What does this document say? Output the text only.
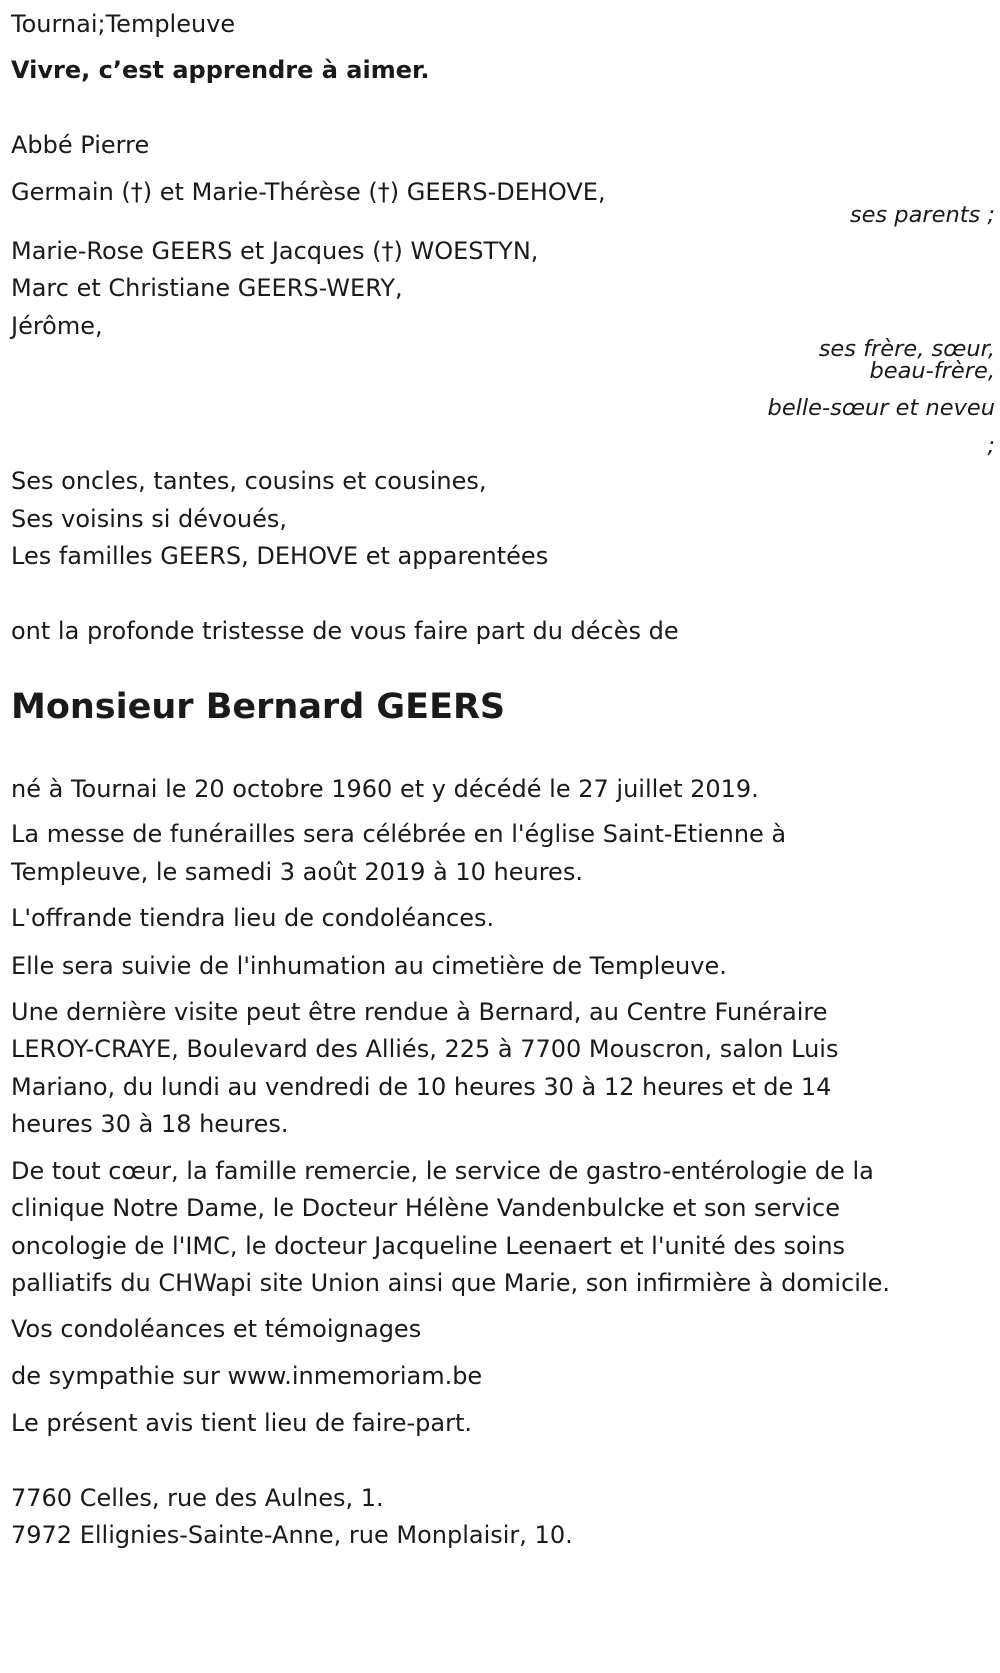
Tournai;Templeuve

Vivre, c’est apprendre à aimer.

Abbé Pierre

Germain (†) et Marie-Thérèse (†) GEERS-DEHOVE,

ses parents ;

Marie-Rose GEERS et Jacques (†) WOESTYN,

Marc et Christiane GEERS-WERY,

Jérôme,

ses frère, sœur,

beau-frère,

belle-sœur et neveu

;

Ses oncles, tantes, cousins et cousines,

Ses voisins si dévoués,

Les familles GEERS, DEHOVE et apparentées

ont la profonde tristesse de vous faire part du décès de

Monsieur Bernard GEERS

né à Tournai le 20 octobre 1960 et y décédé le 27 juillet 2019.

La messe de funérailles sera célébrée en l'église Saint-Etienne à

Templeuve, le samedi 3 août 2019 à 10 heures.

L'offrande tiendra lieu de condoléances.

Elle sera suivie de l'inhumation au cimetière de Templeuve.

Une dernière visite peut être rendue à Bernard, au Centre Funéraire

LEROY-CRAYE, Boulevard des Alliés, 225 à 7700 Mouscron, salon Luis

Mariano, du lundi au vendredi de 10 heures 30 à 12 heures et de 14

heures 30 à 18 heures.

De tout cœur, la famille remercie, le service de gastro-entérologie de la

clinique Notre Dame, le Docteur Hélène Vandenbulcke et son service

oncologie de l'IMC, le docteur Jacqueline Leenaert et l'unité des soins

palliatifs du CHWapi site Union ainsi que Marie, son infirmière à domicile.

Vos condoléances et témoignages

de sympathie sur www.inmemoriam.be

Le présent avis tient lieu de faire-part.

7760 Celles, rue des Aulnes, 1.

7972 Ellignies-Sainte-Anne, rue Monplaisir, 10.
